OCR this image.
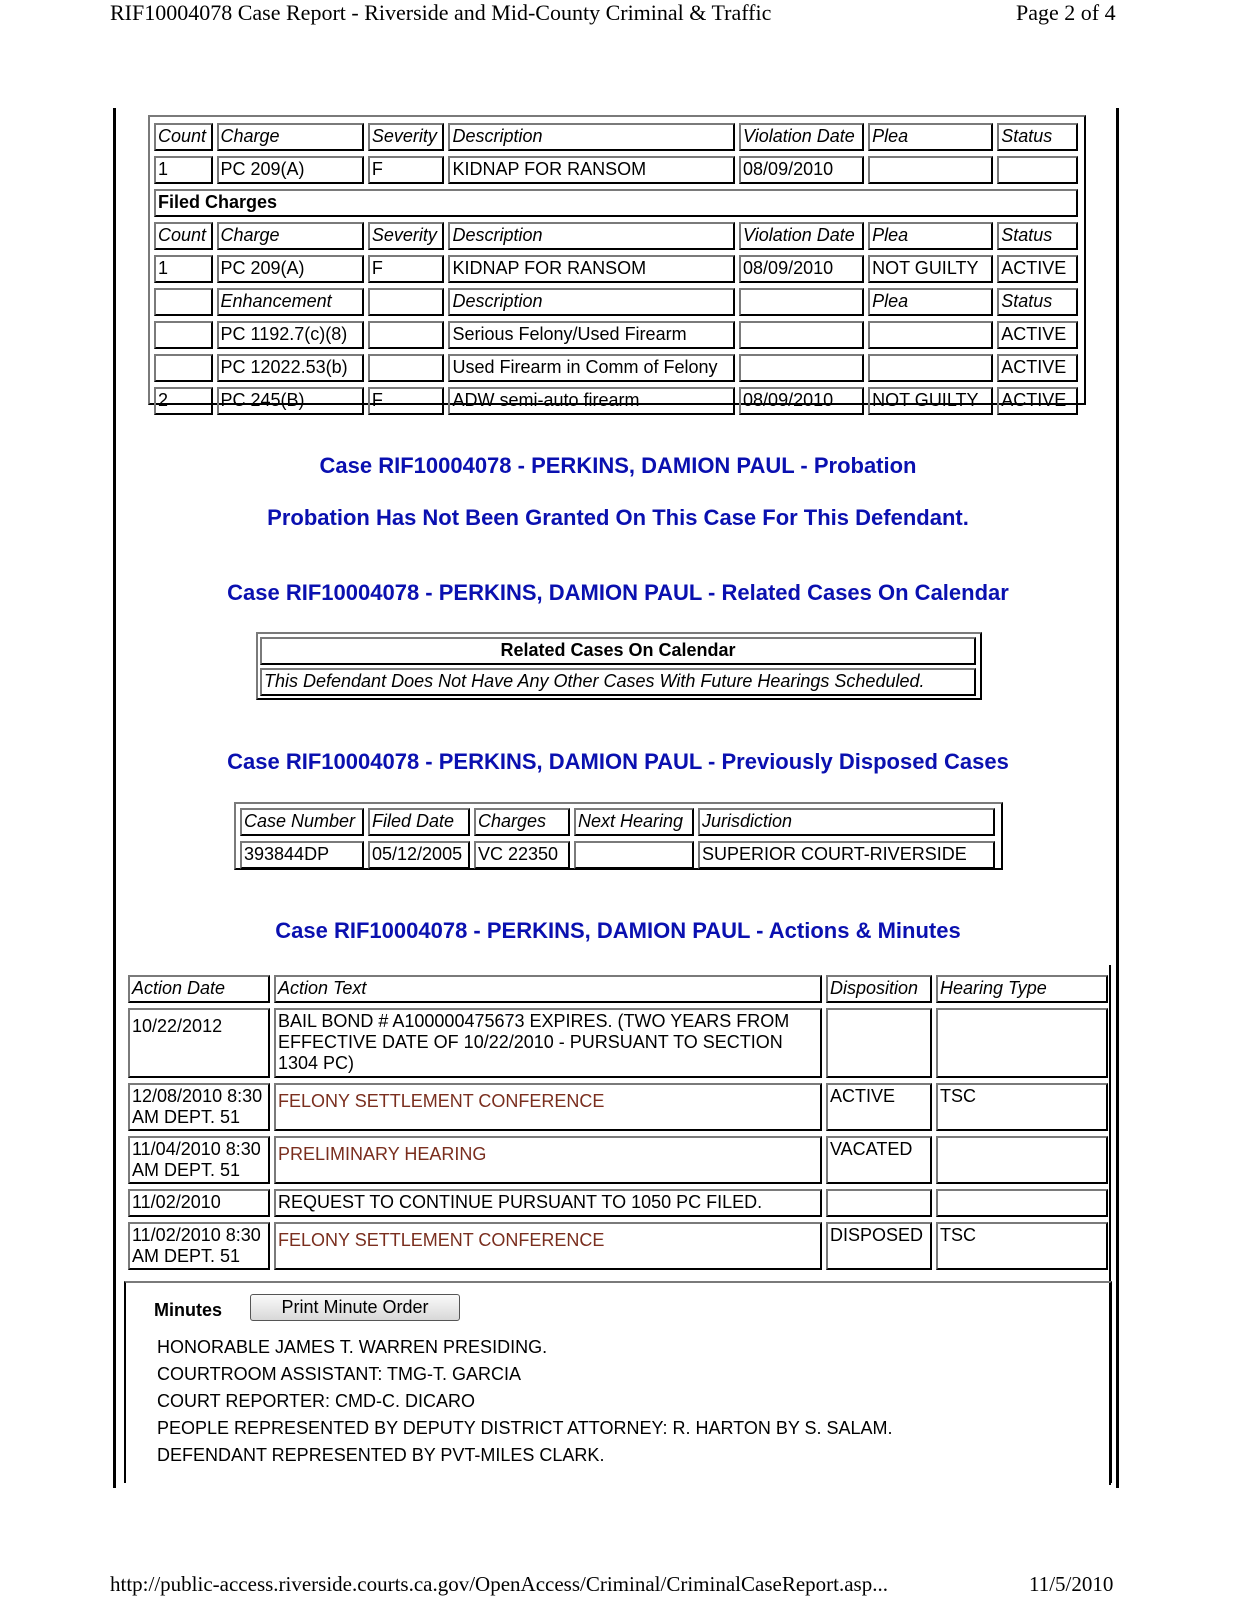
RIF10004078 Case Report - Riverside and Mid-County Criminal & Traffic	Page 2 of 4
http://public-access.riverside.courts.ca.gov/OpenAccess/Criminal/CriminalCaseReport.asp...	11/5/2010
Count	Charge	Severity	Description	Violation Date	Plea	Status
1	PC 209(A)	F	KIDNAP FOR RANSOM	08/09/2010		
Filed Charges						
Count	Charge	Severity	Description	Violation Date	Plea	Status
1	PC 209(A)	F	KIDNAP FOR RANSOM	08/09/2010	NOT GUILTY	ACTIVE
	Enhancement		Description		Plea	Status
	PC 1192.7(c)(8)		Serious Felony/Used Firearm			ACTIVE
	PC 12022.53(b)		Used Firearm in Comm of Felony			ACTIVE
2	PC 245(B)	F	ADW semi-auto firearm	08/09/2010	NOT GUILTY	ACTIVE
Case RIF10004078 - PERKINS, DAMION PAUL - Probation
Probation Has Not Been Granted On This Case For This Defendant.
Case RIF10004078 - PERKINS, DAMION PAUL - Related Cases On Calendar
Related Cases On Calendar
This Defendant Does Not Have Any Other Cases With Future Hearings Scheduled.
Case RIF10004078 - PERKINS, DAMION PAUL - Previously Disposed Cases
Case Number	Filed Date	Charges	Next Hearing	Jurisdiction
393844DP	05/12/2005	VC 22350		SUPERIOR COURT-RIVERSIDE
Case RIF10004078 - PERKINS, DAMION PAUL - Actions & Minutes
Action Date	Action Text	Disposition	Hearing Type
10/22/2012	BAIL BOND # A100000475673 EXPIRES. (TWO YEARS FROM EFFECTIVE DATE OF 10/22/2010 - PURSUANT TO SECTION 1304 PC)		
12/08/2010 8:30 AM DEPT. 51	FELONY SETTLEMENT CONFERENCE	ACTIVE	TSC
11/04/2010 8:30 AM DEPT. 51	PRELIMINARY HEARING	VACATED	
11/02/2010	REQUEST TO CONTINUE PURSUANT TO 1050 PC FILED.		
11/02/2010 8:30 AM DEPT. 51	FELONY SETTLEMENT CONFERENCE	DISPOSED	TSC
Minutes	Print Minute Order
HONORABLE JAMES T. WARREN PRESIDING.
COURTROOM ASSISTANT: TMG-T. GARCIA
COURT REPORTER: CMD-C. DICARO
PEOPLE REPRESENTED BY DEPUTY DISTRICT ATTORNEY: R. HARTON BY S. SALAM.
DEFENDANT REPRESENTED BY PVT-MILES CLARK.
